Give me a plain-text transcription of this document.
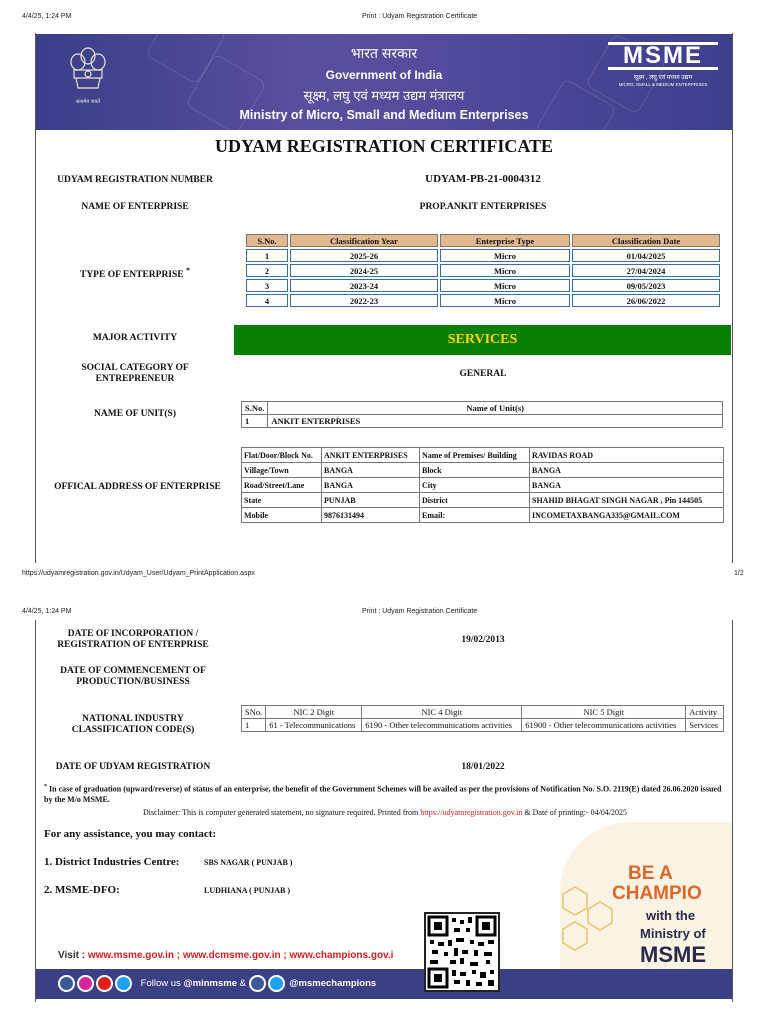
4/4/25, 1:24 PM	Print : Udyam Registration Certificate
सत्यमेव जयते
भारत सरकार
Government of India
सूक्ष्म, लघु एवं मध्यम उद्यम मंत्रालय
Ministry of Micro, Small and Medium Enterprises
MSME
सूक्ष्म , लघु एवं मध्यम उद्यम
MICRO, SMALL & MEDIUM ENTERPRISES
UDYAM REGISTRATION CERTIFICATE
UDYAM REGISTRATION NUMBER	UDYAM-PB-21-0004312
NAME OF ENTERPRISE	PROP.ANKIT ENTERPRISES
TYPE OF ENTERPRISE *
S.No.	Classification Year	Enterprise Type	Classification Date
1	2025-26	Micro	01/04/2025
2	2024-25	Micro	27/04/2024
3	2023-24	Micro	09/05/2023
4	2022-23	Micro	26/06/2022
MAJOR ACTIVITY	SERVICES
SOCIAL CATEGORY OF ENTREPRENEUR	GENERAL
NAME OF UNIT(S)
S.No.	Name of Unit(s)
1	ANKIT ENTERPRISES
OFFICAL ADDRESS OF ENTERPRISE
Flat/Door/Block No.	ANKIT ENTERPRISES	Name of Premises/ Building	RAVIDAS ROAD
Village/Town	BANGA	Block	BANGA
Road/Street/Lane	BANGA	City	BANGA
State	PUNJAB	District	SHAHID BHAGAT SINGH NAGAR , Pin 144505
Mobile	9876131494	Email:	INCOMETAXBANGA335@GMAIL.COM
https://udyamregistration.gov.in/Udyam_User/Udyam_PrintApplication.aspx	1/2
4/4/25, 1:24 PM	Print : Udyam Registration Certificate
DATE OF INCORPORATION / REGISTRATION OF ENTERPRISE	19/02/2013
DATE OF COMMENCEMENT OF PRODUCTION/BUSINESS
NATIONAL INDUSTRY CLASSIFICATION CODE(S)
SNo.	NIC 2 Digit	NIC 4 Digit	NIC 5 Digit	Activity
1	61 - Telecommunications	6190 - Other telecommunications activities	61900 - Other telecommunications activities	Services
DATE OF UDYAM REGISTRATION	18/01/2022
* In case of graduation (upward/reverse) of status of an enterprise, the benefit of the Government Schemes will be availed as per the provisions of Notification No. S.O. 2119(E) dated 26.06.2020 issued by the M/o MSME.
Disclaimer: This is computer generated statement, no signature required. Printed from https://udyamregistration.gov.in & Date of printing:- 04/04/2025
For any assistance, you may contact:
1. District Industries Centre:	SBS NAGAR ( PUNJAB )
2. MSME-DFO:	LUDHIANA ( PUNJAB )
BE A
CHAMPIO
with the
Ministry of
MSME
Visit : www.msme.gov.in ; www.dcmsme.gov.in ; www.champions.gov.i
Follow us @minmsme &	@msmechampions
